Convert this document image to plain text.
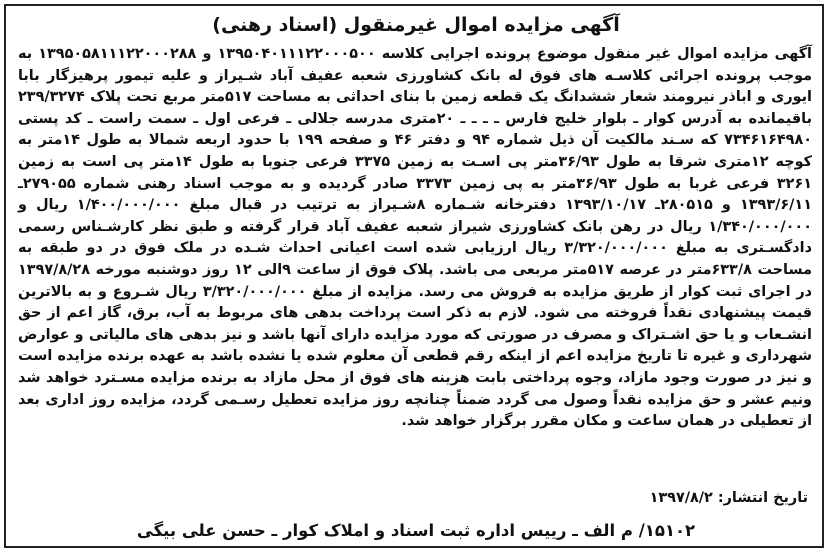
آگهی مزایده اموال غیرمنقول (اسناد رهنی)
آگهی مزایده اموال غیر منقول موضوع پرونده اجرایی کلاسه ۱۳۹۵۰۴۰۱۱۱۲۲۰۰۰۵۰۰ و ۱۳۹۵۰۵۸۱۱۱۲۲۰۰۰۲۸۸ به موجب پرونده اجرائی کلاسـه های فوق له بانک کشاورزی شعبه عفیف آباد شـیراز و علیه تیمور پرهیزگار بابا ایوری و اباذر نیرومند شعار ششدانگ یک قطعه زمین با بنای احداثی به مساحت ۵۱۷متر مربع تحت پلاک ۲۳۹/۳۲۷۴ باقیمانده به آدرس کوار ـ بلوار خلیج فارس ـ ـ ـ ـ ۲۰متری مدرسه جلالی ـ فرعی اول ـ سمت راست ـ کد پستی ۷۳۴۶۱۶۴۹۸۰ که سـند مالکیت آن ذیل شماره ۹۴ و دفتر ۴۶ و صفحه ۱۹۹ با حدود اربعه شمالا به طول ۱۴متر به کوچه ۱۲متری شرقا به طول ۳۶/۹۳متر پی اسـت به زمین ۳۳۷۵ فرعی جنوبا به طول ۱۴متر پی است به زمین ۳۲۶۱ فرعی غربا به طول ۳۶/۹۳متر به پی زمین ۳۳۷۳ صادر گردیده و به موجب اسناد رهنی شماره ۲۷۹۰۵۵ـ ۱۳۹۳/۶/۱۱ و ۲۸۰۵۱۵ـ ۱۳۹۳/۱۰/۱۷ دفترخانه شـماره ۸شـیراز به ترتیب در قبال مبلغ ۱/۴۰۰/۰۰۰/۰۰۰ ریال و ۱/۳۴۰/۰۰۰/۰۰۰ ریال در رهن بانک کشاورزی شیراز شعبه عفیف آباد قرار گرفته و طبق نظر کارشـناس رسمی دادگسـتری به مبلغ ۳/۳۲۰/۰۰۰/۰۰۰ ریال ارزیابی شده است اعیانی احداث شـده در ملک فوق در دو طبقه به مساحت ۶۳۳/۸متر در عرصه ۵۱۷متر مربعی می باشد. پلاک فوق از ساعت ۹الی ۱۲ روز دوشنبه مورخه ۱۳۹۷/۸/۲۸ در اجرای ثبت کوار از طریق مزایده به فروش می رسد. مزایده از مبلغ ۳/۳۲۰/۰۰۰/۰۰۰ ریال شـروع و به بالاترین قیمت پیشنهادی نقداً فروخته می شود. لازم به ذکر است پرداخت بدهی های مربوط به آب، برق، گاز اعم از حق انشـعاب و یا حق اشـتراک و مصرف در صورتی که مورد مزایده دارای آنها باشد و نیز بدهی های مالیاتی و عوارض شهرداری و غیره تا تاریخ مزایده اعم از اینکه رقم قطعی آن معلوم شده یا نشده باشد به عهده برنده مزایده است و نیز در صورت وجود مازاد، وجوه پرداختی بابت هزینه های فوق از محل مازاد به برنده مزایده مسـترد خواهد شد ونیم عشر و حق مزایده نقداً وصول می گردد ضمناً چنانچه روز مزایده تعطیل رسـمی گردد، مزایده روز اداری بعد از تعطیلی در همان ساعت و مکان مقرر برگزار خواهد شد.
تاریخ انتشار: ۱۳۹۷/۸/۲
۱۵۱۰۲/ م الف ـ رییس اداره ثبت اسناد و املاک کوار ـ حسن علی بیگی
